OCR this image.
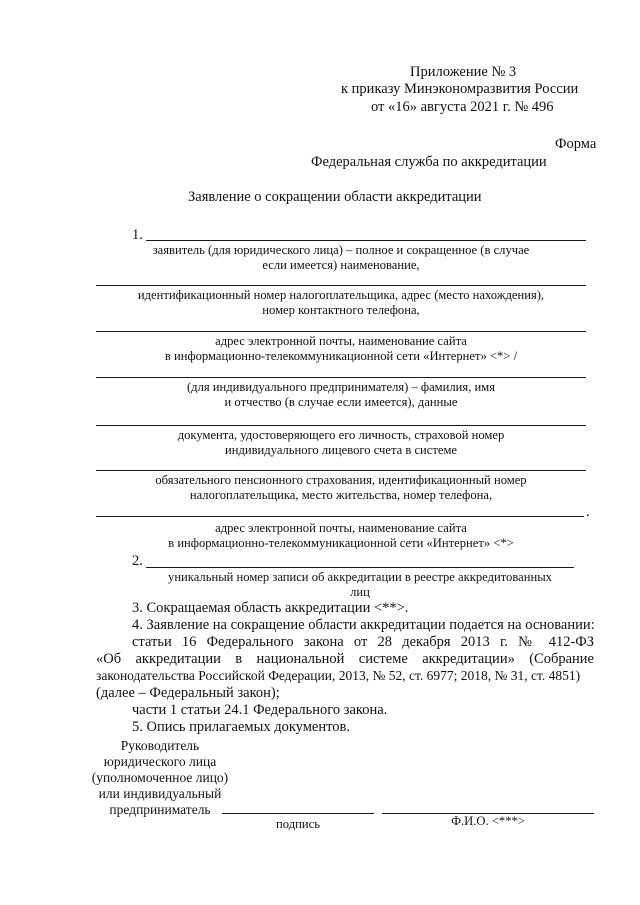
Приложение № 3
к приказу Минэкономразвития России
от «16» августа 2021 г. № 496
Форма
Федеральная служба по аккредитации
Заявление о сокращении области аккредитации
1.
заявитель (для юридического лица) – полное и сокращенное (в случае
если имеется) наименование,
идентификационный номер налогоплательщика, адрес (место нахождения),
номер контактного телефона,
адрес электронной почты, наименование сайта
в информационно-телекоммуникационной сети «Интернет» <*> /
(для индивидуального предпринимателя) – фамилия, имя
и отчество (в случае если имеется), данные
документа, удостоверяющего его личность, страховой номер
индивидуального лицевого счета в системе
обязательного пенсионного страхования, идентификационный номер
налогоплательщика, место жительства, номер телефона,
.
адрес электронной почты, наименование сайта
в информационно-телекоммуникационной сети «Интернет» <*>
2.
уникальный номер записи об аккредитации в реестре аккредитованных
лиц
3. Сокращаемая область аккредитации <**>.
4. Заявление на сокращение области аккредитации подается на основании:
статьи 16 Федерального закона от 28 декабря 2013 г. № 412-ФЗ
«Об аккредитации в национальной системе аккредитации» (Собрание
законодательства Российской Федерации, 2013, № 52, ст. 6977; 2018, № 31, ст. 4851)
(далее – Федеральный закон);
части 1 статьи 24.1 Федерального закона.
5. Опись прилагаемых документов.
Руководитель
юридического лица
(уполномоченное лицо)
или индивидуальный
предприниматель
подпись	Ф.И.О. <***>
